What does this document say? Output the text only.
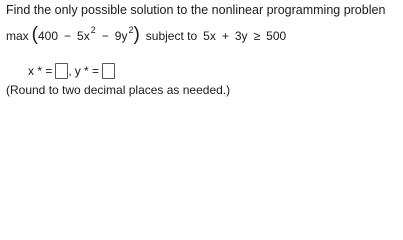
Find the only possible solution to the nonlinear programming problen
max ( $400 - 5x^2 - 9y^2$ ) subject to 5x + 3y ≥ 500
x * = , y * =
(Round to two decimal places as needed.)
